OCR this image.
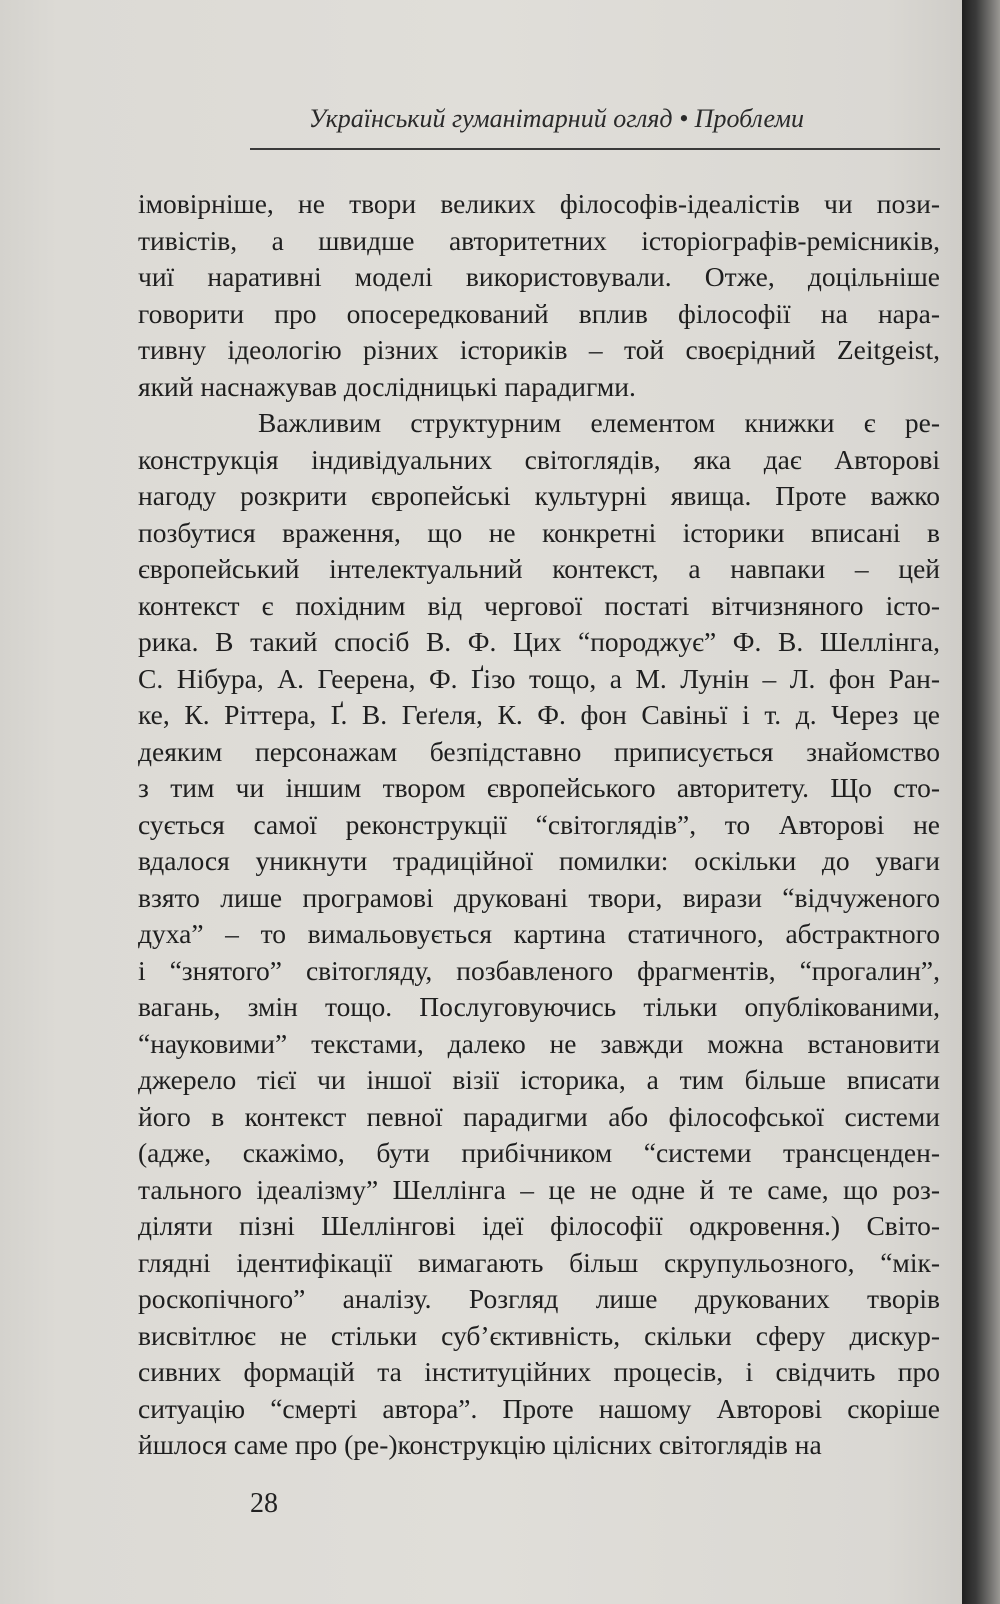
Український гуманітарний огляд • Проблеми
імовірніше, не твори великих філософів-ідеалістів чи пози-
тивістів, а швидше авторитетних історіографів-ремісників,
чиї наративні моделі використовували. Отже, доцільніше
говорити про опосередкований вплив філософії на нара-
тивну ідеологію різних істориків – той своєрідний Zeitgeist,
який наснажував дослідницькі парадигми.
Важливим структурним елементом книжки є ре-
конструкція індивідуальних світоглядів, яка дає Авторові
нагоду розкрити європейські культурні явища. Проте важко
позбутися враження, що не конкретні історики вписані в
європейський інтелектуальний контекст, а навпаки – цей
контекст є похідним від чергової постаті вітчизняного істо-
рика. В такий спосіб В. Ф. Цих “породжує” Ф. В. Шеллінга,
С. Нібура, А. Геерена, Ф. Ґізо тощо, а М. Лунін – Л. фон Ран-
ке, К. Ріттера, Ґ. В. Геґеля, К. Ф. фон Савіньї і т. д. Через це
деяким персонажам безпідставно приписується знайомство
з тим чи іншим твором європейського авторитету. Що сто-
сується самої реконструкції “світоглядів”, то Авторові не
вдалося уникнути традиційної помилки: оскільки до уваги
взято лише програмові друковані твори, вирази “відчуженого
духа” – то вимальовується картина статичного, абстрактного
і “знятого” світогляду, позбавленого фрагментів, “прогалин”,
вагань, змін тощо. Послуговуючись тільки опублікованими,
“науковими” текстами, далеко не завжди можна встановити
джерело тієї чи іншої візії історика, а тим більше вписати
його в контекст певної парадигми або філософської системи
(адже, скажімо, бути прибічником “системи трансценден-
тального ідеалізму” Шеллінга – це не одне й те саме, що роз-
діляти пізні Шеллінгові ідеї філософії одкровення.) Світо-
глядні ідентифікації вимагають більш скрупульозного, “мік-
роскопічного” аналізу. Розгляд лише друкованих творів
висвітлює не стільки суб’єктивність, скільки сферу дискур-
сивних формацій та інституційних процесів, і свідчить про
ситуацію “смерті автора”. Проте нашому Авторові скоріше
йшлося саме про (ре-)конструкцію цілісних світоглядів на
28
